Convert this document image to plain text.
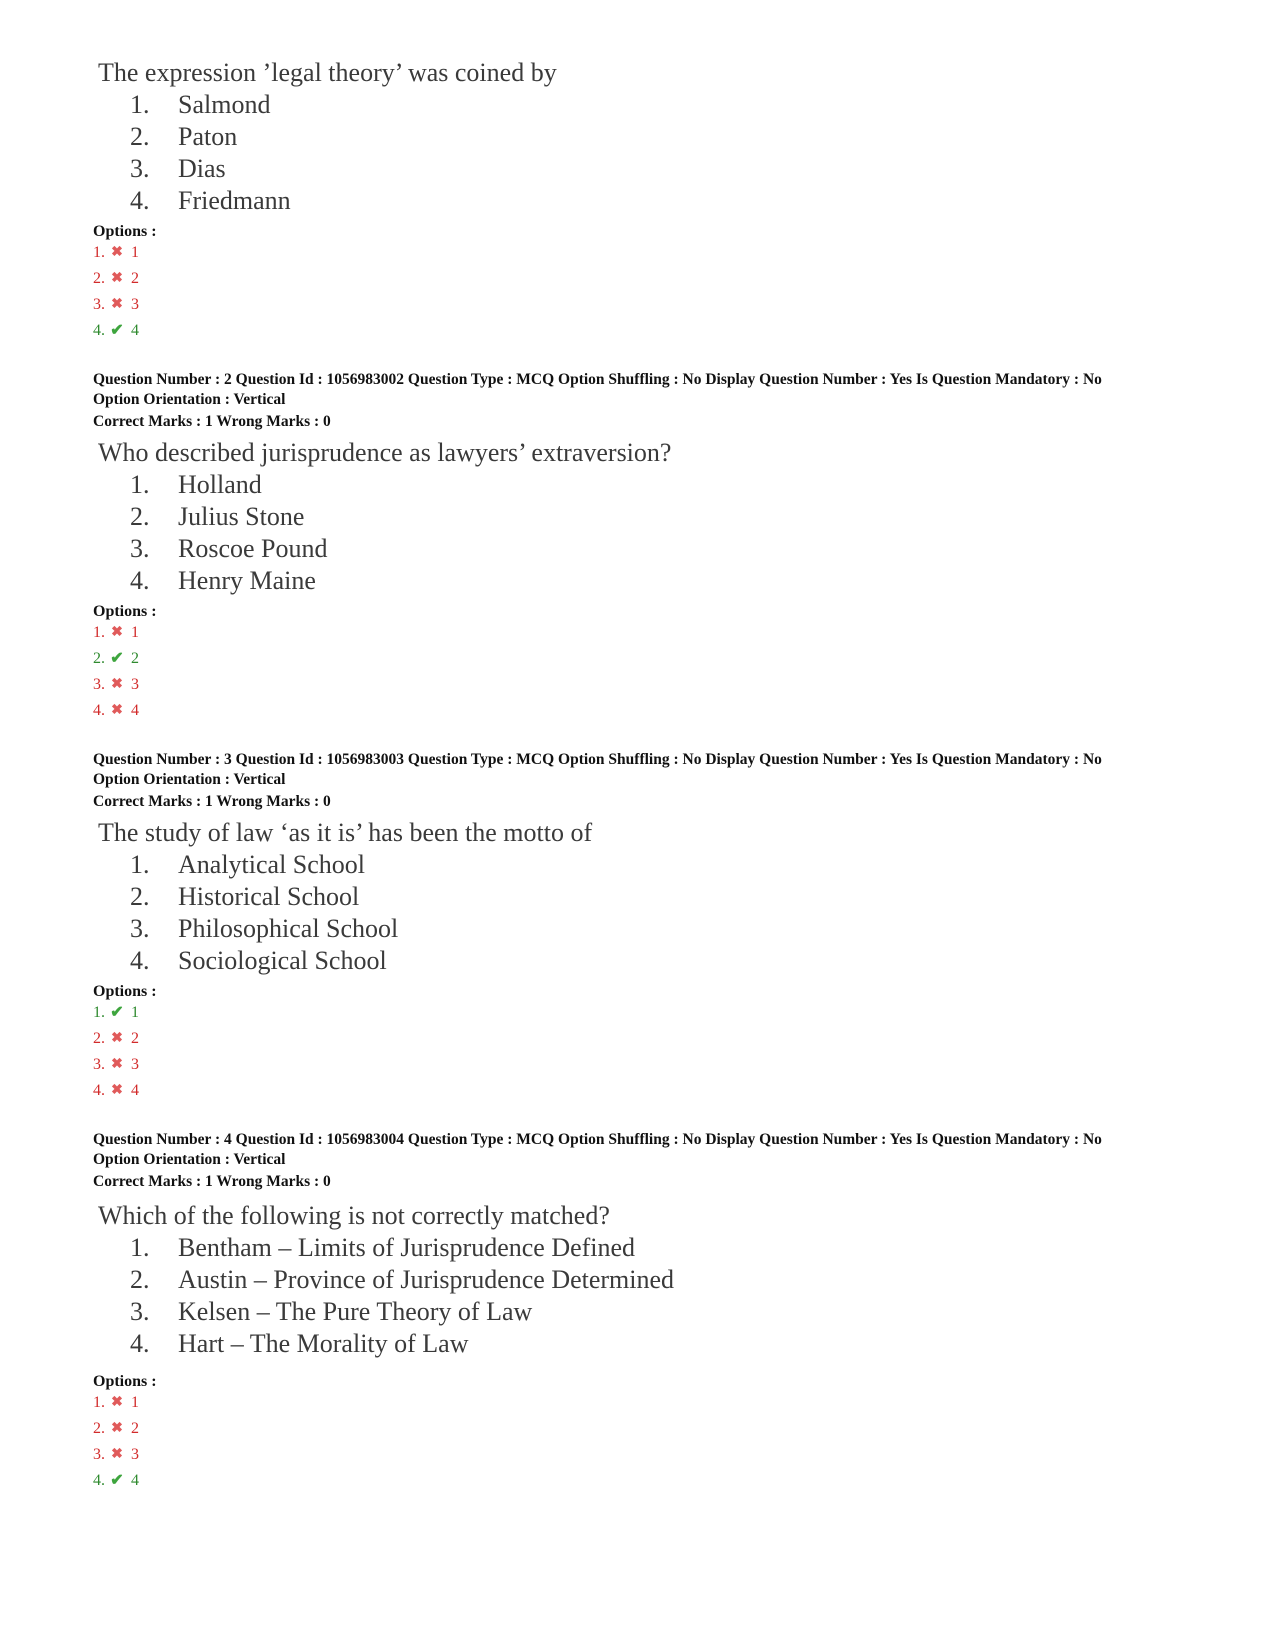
The expression ’legal theory’ was coined by
1.	Salmond
2.	Paton
3.	Dias
4.	Friedmann
Options :
1. ✖ 1
2. ✖ 2
3. ✖ 3
4. ✔ 4
Question Number : 2 Question Id : 1056983002 Question Type : MCQ Option Shuffling : No Display Question Number : Yes Is Question Mandatory : No Option Orientation : Vertical
Correct Marks : 1 Wrong Marks : 0
Who described jurisprudence as lawyers’ extraversion?
1.	Holland
2.	Julius Stone
3.	Roscoe Pound
4.	Henry Maine
Options :
1. ✖ 1
2. ✔ 2
3. ✖ 3
4. ✖ 4
Question Number : 3 Question Id : 1056983003 Question Type : MCQ Option Shuffling : No Display Question Number : Yes Is Question Mandatory : No Option Orientation : Vertical
Correct Marks : 1 Wrong Marks : 0
The study of law ‘as it is’ has been the motto of
1.	Analytical School
2.	Historical School
3.	Philosophical School
4.	Sociological School
Options :
1. ✔ 1
2. ✖ 2
3. ✖ 3
4. ✖ 4
Question Number : 4 Question Id : 1056983004 Question Type : MCQ Option Shuffling : No Display Question Number : Yes Is Question Mandatory : No Option Orientation : Vertical
Correct Marks : 1 Wrong Marks : 0
Which of the following is not correctly matched?
1.	Bentham – Limits of Jurisprudence Defined
2.	Austin – Province of Jurisprudence Determined
3.	Kelsen – The Pure Theory of Law
4.	Hart – The Morality of Law
Options :
1. ✖ 1
2. ✖ 2
3. ✖ 3
4. ✔ 4
